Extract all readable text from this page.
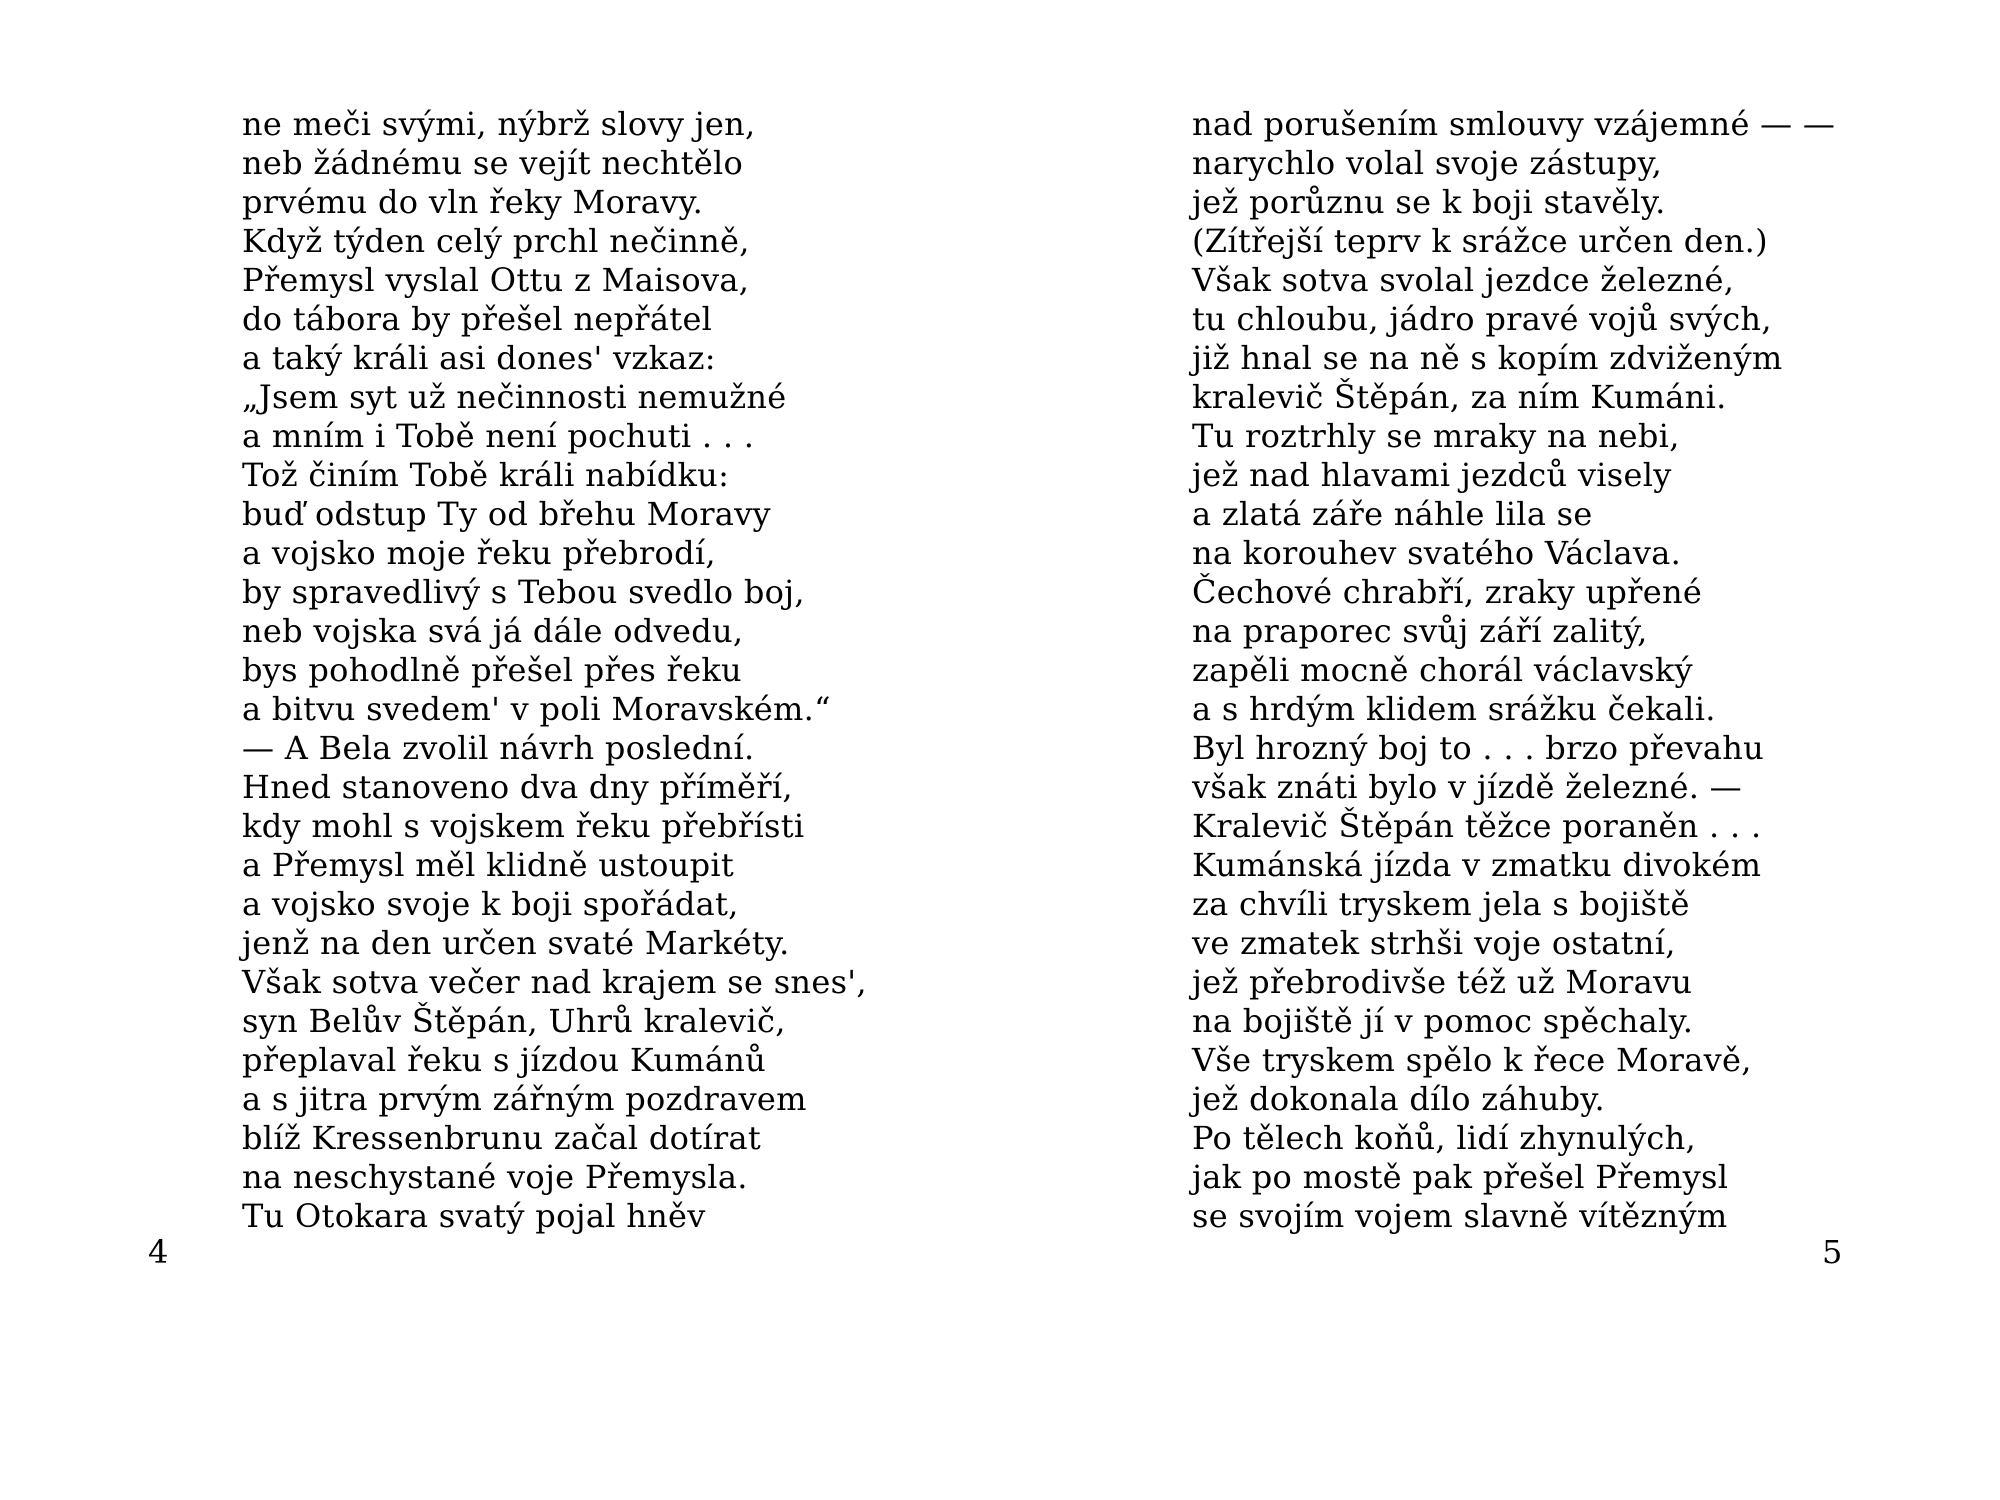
ne meči svými, nýbrž slovy jen,
neb žádnému se vejít nechtělo
prvému do vln řeky Moravy.
Když týden celý prchl nečinně,
Přemysl vyslal Ottu z Maisova,
do tábora by přešel nepřátel
a taký králi asi dones' vzkaz:
„Jsem syt už nečinnosti nemužné
a mním i Tobě není pochuti . . .
Tož činím Tobě králi nabídku:
buď odstup Ty od břehu Moravy
a vojsko moje řeku přebrodí,
by spravedlivý s Tebou svedlo boj,
neb vojska svá já dále odvedu,
bys pohodlně přešel přes řeku
a bitvu svedem' v poli Moravském.“
— A Bela zvolil návrh poslední.
Hned stanoveno dva dny příměří,
kdy mohl s vojskem řeku přebřísti
a Přemysl měl klidně ustoupit
a vojsko svoje k boji spořádat,
jenž na den určen svaté Markéty.
Však sotva večer nad krajem se snes',
syn Belův Štěpán, Uhrů kralevič,
přeplaval řeku s jízdou Kumánů
a s jitra prvým zářným pozdravem
blíž Kressenbrunu začal dotírat
na neschystané voje Přemysla.
Tu Otokara svatý pojal hněv
4
nad porušením smlouvy vzájemné — —
narychlo volal svoje zástupy,
jež porůznu se k boji stavěly.
(Zítřejší teprv k srážce určen den.)
Však sotva svolal jezdce železné,
tu chloubu, jádro pravé vojů svých,
již hnal se na ně s kopím zdviženým
kralevič Štěpán, za ním Kumáni.
Tu roztrhly se mraky na nebi,
jež nad hlavami jezdců visely
a zlatá záře náhle lila se
na korouhev svatého Václava.
Čechové chrabří, zraky upřené
na praporec svůj září zalitý,
zapěli mocně chorál václavský
a s hrdým klidem srážku čekali.
Byl hrozný boj to . . . brzo převahu
však znáti bylo v jízdě železné. —
Kralevič Štěpán těžce poraněn . . .
Kumánská jízda v zmatku divokém
za chvíli tryskem jela s bojiště
ve zmatek strhši voje ostatní,
jež přebrodivše též už Moravu
na bojiště jí v pomoc spěchaly.
Vše tryskem spělo k řece Moravě,
jež dokonala dílo záhuby.
Po tělech koňů, lidí zhynulých,
jak po mostě pak přešel Přemysl
se svojím vojem slavně vítězným
5
